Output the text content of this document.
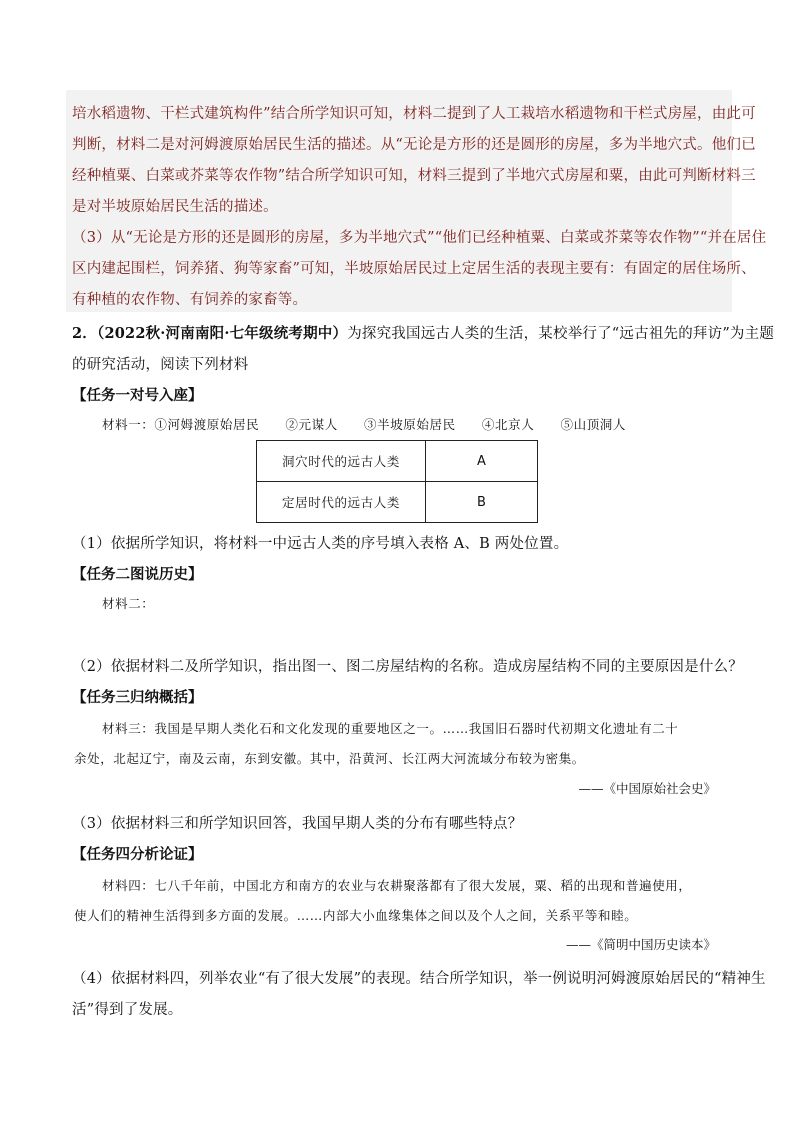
培水稻遗物、干栏式建筑构件”结合所学知识可知，材料二提到了人工栽培水稻遗物和干栏式房屋，由此可
判断，材料二是对河姆渡原始居民生活的描述。从“无论是方形的还是圆形的房屋，多为半地穴式。他们已
经种植粟、白菜或芥菜等农作物”结合所学知识可知，材料三提到了半地穴式房屋和粟，由此可判断材料三
是对半坡原始居民生活的描述。
（3）从“无论是方形的还是圆形的房屋，多为半地穴式”“他们已经种植粟、白菜或芥菜等农作物”“并在居住
区内建起围栏，饲养猪、狗等家畜”可知，半坡原始居民过上定居生活的表现主要有：有固定的居住场所、
有种植的农作物、有饲养的家畜等。
2．（2022秋·河南南阳·七年级统考期中）为探究我国远古人类的生活，某校举行了“远古祖先的拜访”为主题
的研究活动，阅读下列材料
【任务一对号入座】
材料一：①河姆渡原始居民　　②元谋人　　③半坡原始居民　　④北京人　　⑤山顶洞人
洞穴时代的远古人类	A
定居时代的远古人类	B
（1）依据所学知识，将材料一中远古人类的序号填入表格 A、B 两处位置。
【任务二图说历史】
材料二：
（2）依据材料二及所学知识，指出图一、图二房屋结构的名称。造成房屋结构不同的主要原因是什么？
【任务三归纳概括】
材料三：我国是早期人类化石和文化发现的重要地区之一。……我国旧石器时代初期文化遗址有二十
余处，北起辽宁，南及云南，东到安徽。其中，沿黄河、长江两大河流域分布较为密集。
——《中国原始社会史》
（3）依据材料三和所学知识回答，我国早期人类的分布有哪些特点？
【任务四分析论证】
材料四：七八千年前，中国北方和南方的农业与农耕聚落都有了很大发展，粟、稻的出现和普遍使用，
使人们的精神生活得到多方面的发展。……内部大小血缘集体之间以及个人之间，关系平等和睦。
——《简明中国历史读本》
（4）依据材料四，列举农业“有了很大发展”的表现。结合所学知识，举一例说明河姆渡原始居民的“精神生
活”得到了发展。
